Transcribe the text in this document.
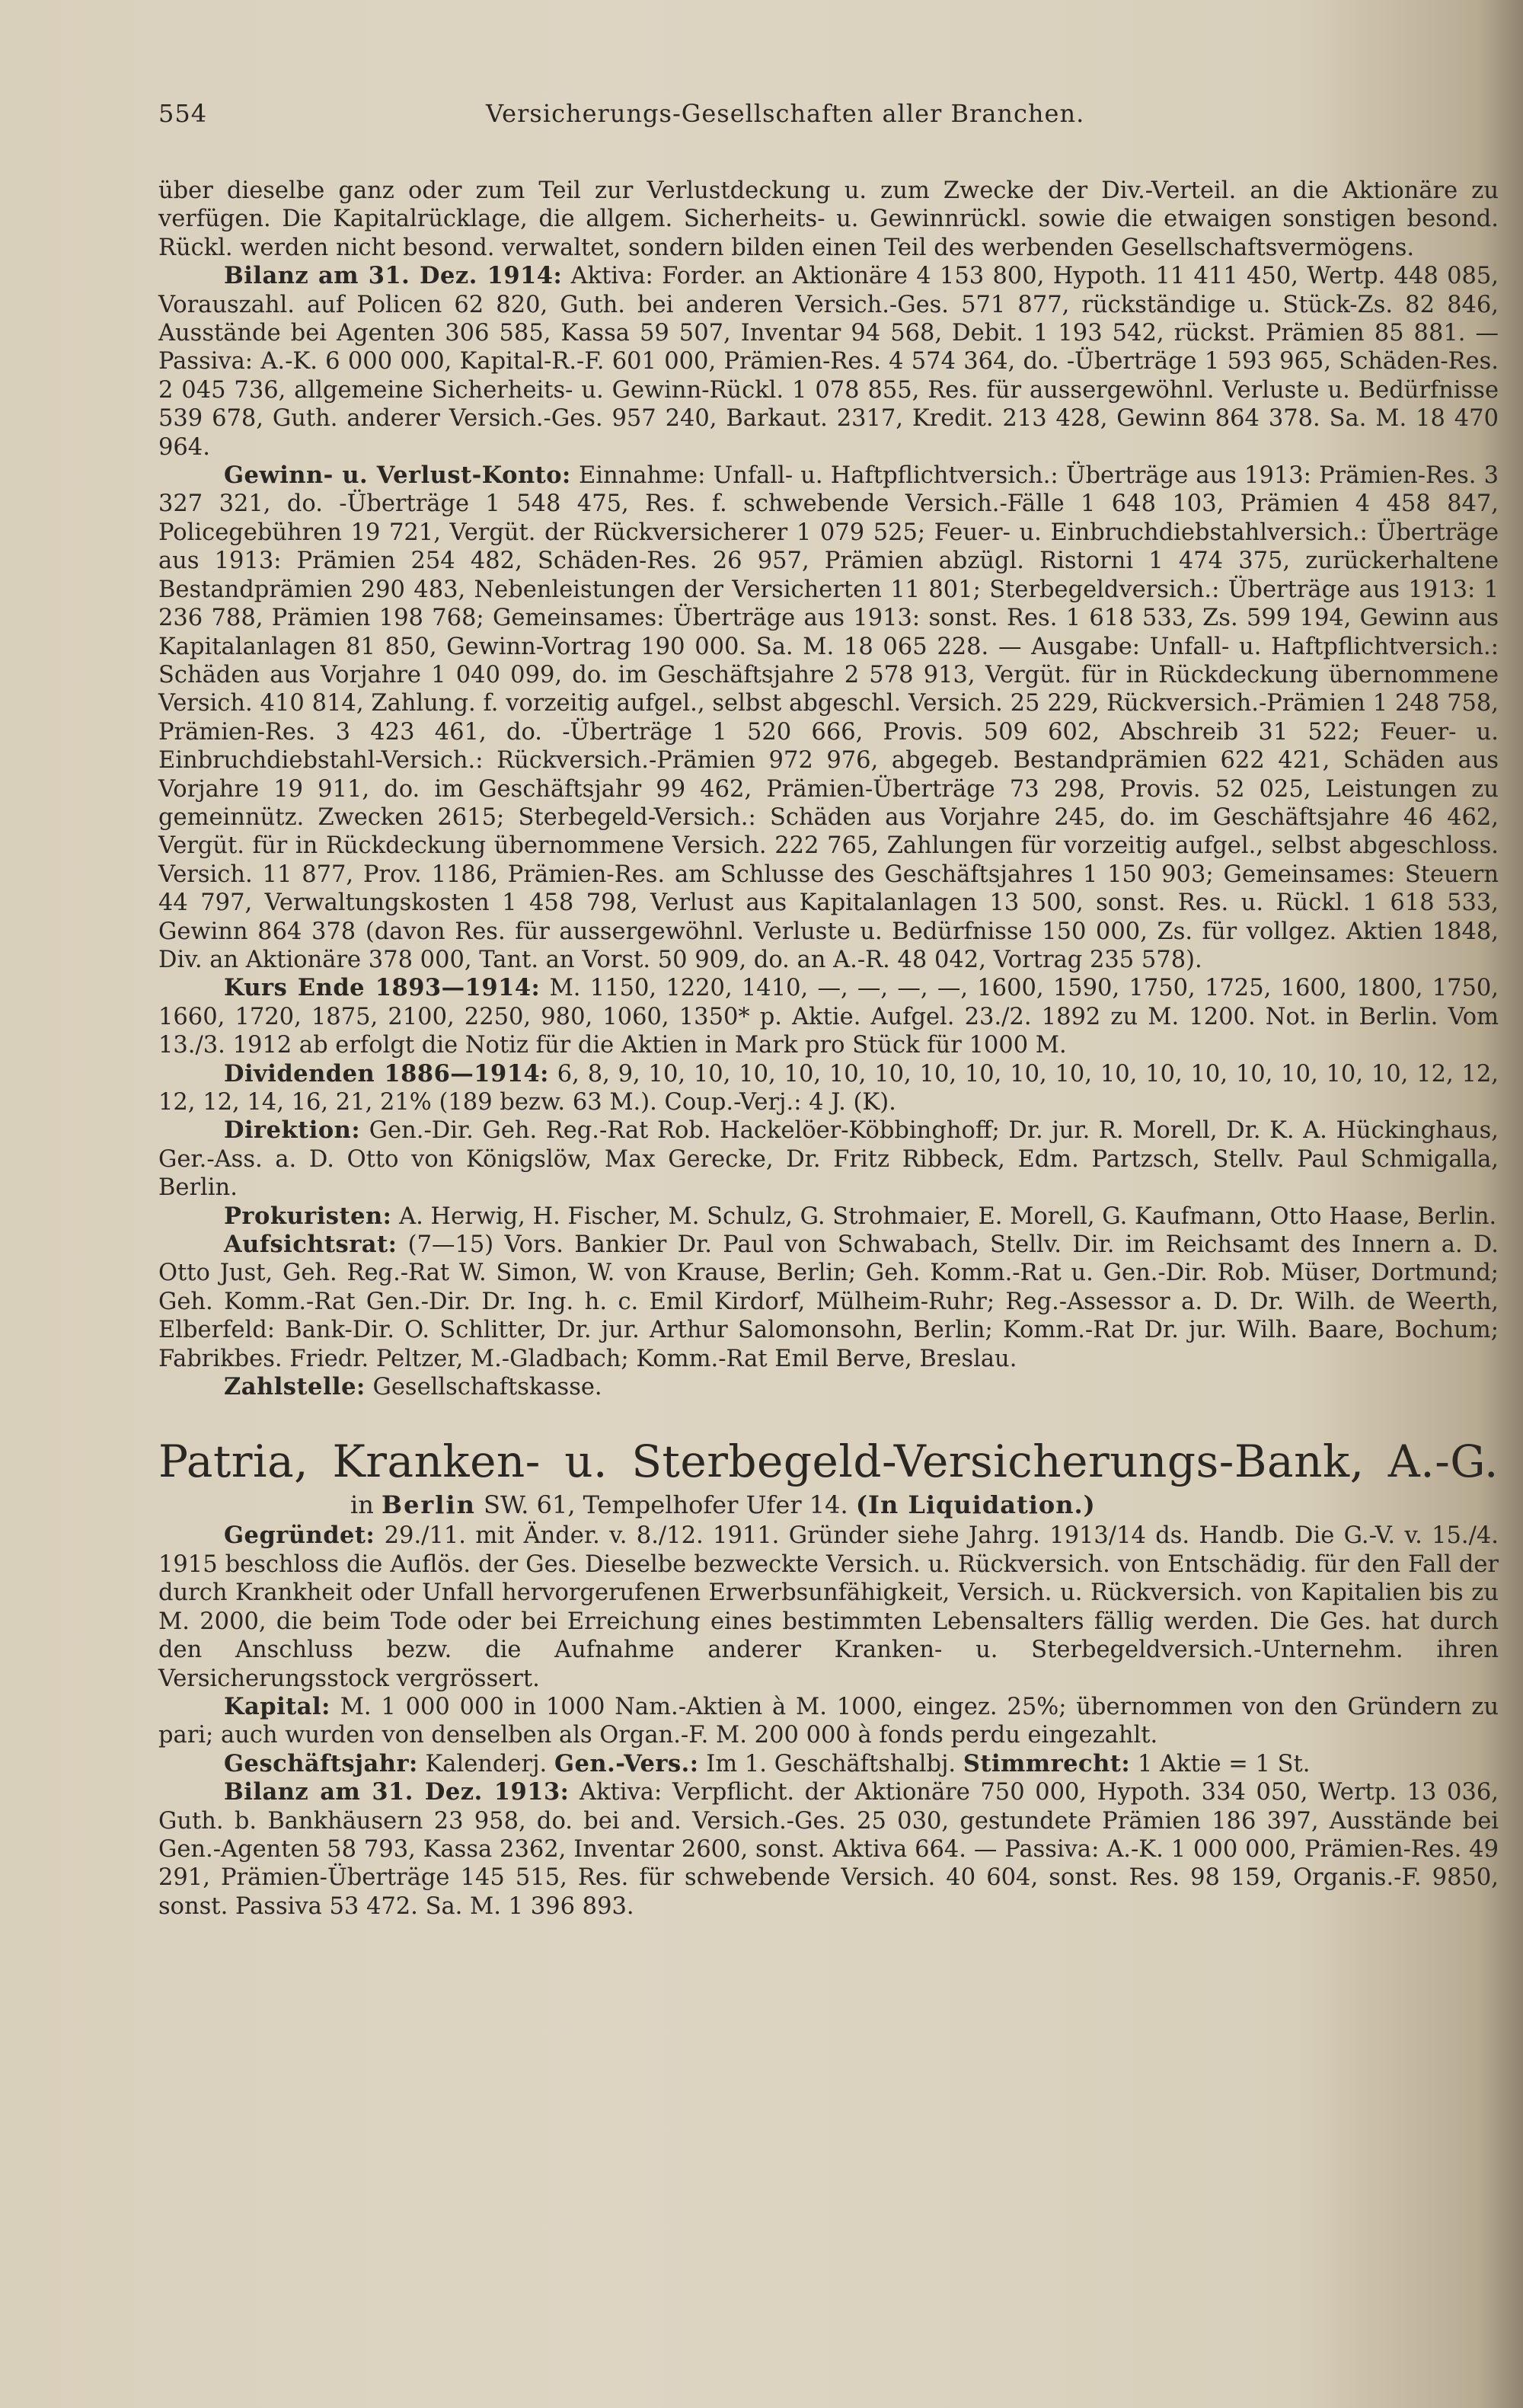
554	Versicherungs-Gesellschaften aller Branchen.

über dieselbe ganz oder zum Teil zur Verlustdeckung u. zum Zwecke der Div.-Verteil. an die Aktionäre zu verfügen. Die Kapitalrücklage, die allgem. Sicherheits- u. Gewinnrückl. sowie die etwaigen sonstigen besond. Rückl. werden nicht besond. verwaltet, sondern bilden einen Teil des werbenden Gesellschaftsvermögens.

Bilanz am 31. Dez. 1914: Aktiva: Forder. an Aktionäre 4 153 800, Hypoth. 11 411 450, Wertp. 448 085, Vorauszahl. auf Policen 62 820, Guth. bei anderen Versich.-Ges. 571 877, rückständige u. Stück-Zs. 82 846, Ausstände bei Agenten 306 585, Kassa 59 507, Inventar 94 568, Debit. 1 193 542, rückst. Prämien 85 881. — Passiva: A.-K. 6 000 000, Kapital-R.-F. 601 000, Prämien-Res. 4 574 364, do. -Überträge 1 593 965, Schäden-Res. 2 045 736, allgemeine Sicherheits- u. Gewinn-Rückl. 1 078 855, Res. für aussergewöhnl. Verluste u. Bedürfnisse 539 678, Guth. anderer Versich.-Ges. 957 240, Barkaut. 2317, Kredit. 213 428, Gewinn 864 378. Sa. M. 18 470 964.

Gewinn- u. Verlust-Konto: Einnahme: Unfall- u. Haftpflichtversich.: Überträge aus 1913: Prämien-Res. 3 327 321, do. -Überträge 1 548 475, Res. f. schwebende Versich.-Fälle 1 648 103, Prämien 4 458 847, Policegebühren 19 721, Vergüt. der Rückversicherer 1 079 525; Feuer- u. Einbruchdiebstahlversich.: Überträge aus 1913: Prämien 254 482, Schäden-Res. 26 957, Prämien abzügl. Ristorni 1 474 375, zurückerhaltene Bestandprämien 290 483, Nebenleistungen der Versicherten 11 801; Sterbegeldversich.: Überträge aus 1913: 1 236 788, Prämien 198 768; Gemeinsames: Überträge aus 1913: sonst. Res. 1 618 533, Zs. 599 194, Gewinn aus Kapitalanlagen 81 850, Gewinn-Vortrag 190 000. Sa. M. 18 065 228. — Ausgabe: Unfall- u. Haftpflichtversich.: Schäden aus Vorjahre 1 040 099, do. im Geschäftsjahre 2 578 913, Vergüt. für in Rückdeckung übernommene Versich. 410 814, Zahlung. f. vorzeitig aufgel., selbst abgeschl. Versich. 25 229, Rückversich.-Prämien 1 248 758, Prämien-Res. 3 423 461, do. -Überträge 1 520 666, Provis. 509 602, Abschreib 31 522; Feuer- u. Einbruchdiebstahl-Versich.: Rückversich.-Prämien 972 976, abgegeb. Bestandprämien 622 421, Schäden aus Vorjahre 19 911, do. im Geschäftsjahr 99 462, Prämien-Überträge 73 298, Provis. 52 025, Leistungen zu gemeinnütz. Zwecken 2615; Sterbegeld-Versich.: Schäden aus Vorjahre 245, do. im Geschäftsjahre 46 462, Vergüt. für in Rückdeckung übernommene Versich. 222 765, Zahlungen für vorzeitig aufgel., selbst abgeschloss. Versich. 11 877, Prov. 1186, Prämien-Res. am Schlusse des Geschäftsjahres 1 150 903; Gemeinsames: Steuern 44 797, Verwaltungskosten 1 458 798, Verlust aus Kapitalanlagen 13 500, sonst. Res. u. Rückl. 1 618 533, Gewinn 864 378 (davon Res. für aussergewöhnl. Verluste u. Bedürfnisse 150 000, Zs. für vollgez. Aktien 1848, Div. an Aktionäre 378 000, Tant. an Vorst. 50 909, do. an A.-R. 48 042, Vortrag 235 578).

Kurs Ende 1893—1914: M. 1150, 1220, 1410, —, —, —, —, 1600, 1590, 1750, 1725, 1600, 1800, 1750, 1660, 1720, 1875, 2100, 2250, 980, 1060, 1350* p. Aktie. Aufgel. 23./2. 1892 zu M. 1200. Not. in Berlin. Vom 13./3. 1912 ab erfolgt die Notiz für die Aktien in Mark pro Stück für 1000 M.

Dividenden 1886—1914: 6, 8, 9, 10, 10, 10, 10, 10, 10, 10, 10, 10, 10, 10, 10, 10, 10, 10, 10, 10, 12, 12, 12, 12, 14, 16, 21, 21% (189 bezw. 63 M.). Coup.-Verj.: 4 J. (K).

Direktion: Gen.-Dir. Geh. Reg.-Rat Rob. Hackelöer-Köbbinghoff; Dr. jur. R. Morell, Dr. K. A. Hückinghaus, Ger.-Ass. a. D. Otto von Königslöw, Max Gerecke, Dr. Fritz Ribbeck, Edm. Partzsch, Stellv. Paul Schmigalla, Berlin.

Prokuristen: A. Herwig, H. Fischer, M. Schulz, G. Strohmaier, E. Morell, G. Kaufmann, Otto Haase, Berlin.

Aufsichtsrat: (7—15) Vors. Bankier Dr. Paul von Schwabach, Stellv. Dir. im Reichsamt des Innern a. D. Otto Just, Geh. Reg.-Rat W. Simon, W. von Krause, Berlin; Geh. Komm.-Rat u. Gen.-Dir. Rob. Müser, Dortmund; Geh. Komm.-Rat Gen.-Dir. Dr. Ing. h. c. Emil Kirdorf, Mülheim-Ruhr; Reg.-Assessor a. D. Dr. Wilh. de Weerth, Elberfeld: Bank-Dir. O. Schlitter, Dr. jur. Arthur Salomonsohn, Berlin; Komm.-Rat Dr. jur. Wilh. Baare, Bochum; Fabrikbes. Friedr. Peltzer, M.-Gladbach; Komm.-Rat Emil Berve, Breslau.

Zahlstelle: Gesellschaftskasse.

Patria, Kranken- u. Sterbegeld-Versicherungs-Bank, A.-G.

in Berlin SW. 61, Tempelhofer Ufer 14. (In Liquidation.)

Gegründet: 29./11. mit Änder. v. 8./12. 1911. Gründer siehe Jahrg. 1913/14 ds. Handb. Die G.-V. v. 15./4. 1915 beschloss die Auflös. der Ges. Dieselbe bezweckte Versich. u. Rückversich. von Entschädig. für den Fall der durch Krankheit oder Unfall hervorgerufenen Erwerbsunfähigkeit, Versich. u. Rückversich. von Kapitalien bis zu M. 2000, die beim Tode oder bei Erreichung eines bestimmten Lebensalters fällig werden. Die Ges. hat durch den Anschluss bezw. die Aufnahme anderer Kranken- u. Sterbegeldversich.-Unternehm. ihren Versicherungsstock vergrössert.

Kapital: M. 1 000 000 in 1000 Nam.-Aktien à M. 1000, eingez. 25%; übernommen von den Gründern zu pari; auch wurden von denselben als Organ.-F. M. 200 000 à fonds perdu eingezahlt.

Geschäftsjahr: Kalenderj. Gen.-Vers.: Im 1. Geschäftshalbj. Stimmrecht: 1 Aktie = 1 St.

Bilanz am 31. Dez. 1913: Aktiva: Verpflicht. der Aktionäre 750 000, Hypoth. 334 050, Wertp. 13 036, Guth. b. Bankhäusern 23 958, do. bei and. Versich.-Ges. 25 030, gestundete Prämien 186 397, Ausstände bei Gen.-Agenten 58 793, Kassa 2362, Inventar 2600, sonst. Aktiva 664. — Passiva: A.-K. 1 000 000, Prämien-Res. 49 291, Prämien-Überträge 145 515, Res. für schwebende Versich. 40 604, sonst. Res. 98 159, Organis.-F. 9850, sonst. Passiva 53 472. Sa. M. 1 396 893.
